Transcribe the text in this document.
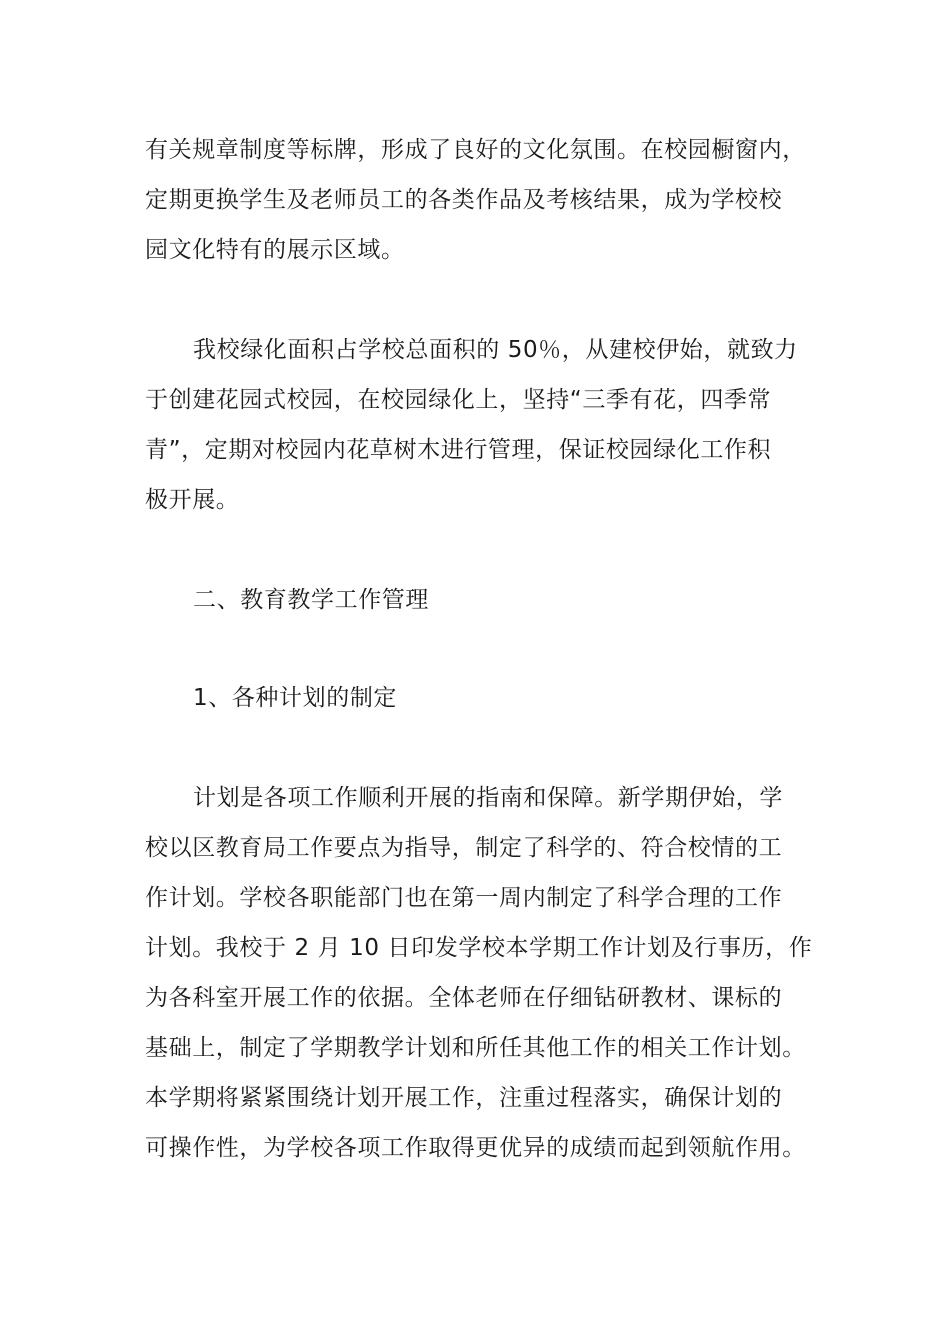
有关规章制度等标牌，形成了良好的文化氛围。在校园橱窗内，
定期更换学生及老师员工的各类作品及考核结果，成为学校校
园文化特有的展示区域。
我校绿化面积占学校总面积的 50％，从建校伊始，就致力
于创建花园式校园，在校园绿化上，坚持“三季有花，四季常
青”，定期对校园内花草树木进行管理，保证校园绿化工作积
极开展。
二、教育教学工作管理
1、各种计划的制定
计划是各项工作顺利开展的指南和保障。新学期伊始，学
校以区教育局工作要点为指导，制定了科学的、符合校情的工
作计划。学校各职能部门也在第一周内制定了科学合理的工作
计划。我校于 2 月 10 日印发学校本学期工作计划及行事历，作
为各科室开展工作的依据。全体老师在仔细钻研教材、课标的
基础上，制定了学期教学计划和所任其他工作的相关工作计划。
本学期将紧紧围绕计划开展工作，注重过程落实，确保计划的
可操作性，为学校各项工作取得更优异的成绩而起到领航作用。
